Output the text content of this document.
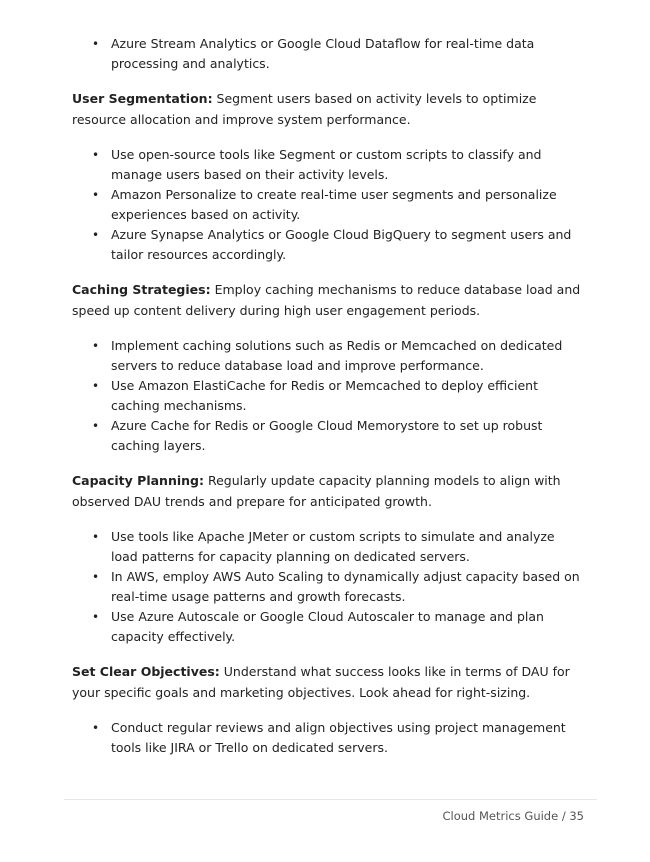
• Azure Stream Analytics or Google Cloud Dataflow for real-time data processing and analytics.

User Segmentation: Segment users based on activity levels to optimize resource allocation and improve system performance.

• Use open-source tools like Segment or custom scripts to classify and manage users based on their activity levels.
• Amazon Personalize to create real-time user segments and personalize experiences based on activity.
• Azure Synapse Analytics or Google Cloud BigQuery to segment users and tailor resources accordingly.

Caching Strategies: Employ caching mechanisms to reduce database load and speed up content delivery during high user engagement periods.

• Implement caching solutions such as Redis or Memcached on dedicated servers to reduce database load and improve performance.
• Use Amazon ElastiCache for Redis or Memcached to deploy efficient caching mechanisms.
• Azure Cache for Redis or Google Cloud Memorystore to set up robust caching layers.

Capacity Planning: Regularly update capacity planning models to align with observed DAU trends and prepare for anticipated growth.

• Use tools like Apache JMeter or custom scripts to simulate and analyze load patterns for capacity planning on dedicated servers.
• In AWS, employ AWS Auto Scaling to dynamically adjust capacity based on real-time usage patterns and growth forecasts.
• Use Azure Autoscale or Google Cloud Autoscaler to manage and plan capacity effectively.

Set Clear Objectives: Understand what success looks like in terms of DAU for your specific goals and marketing objectives. Look ahead for right-sizing.

• Conduct regular reviews and align objectives using project management tools like JIRA or Trello on dedicated servers.
Cloud Metrics Guide / 35
